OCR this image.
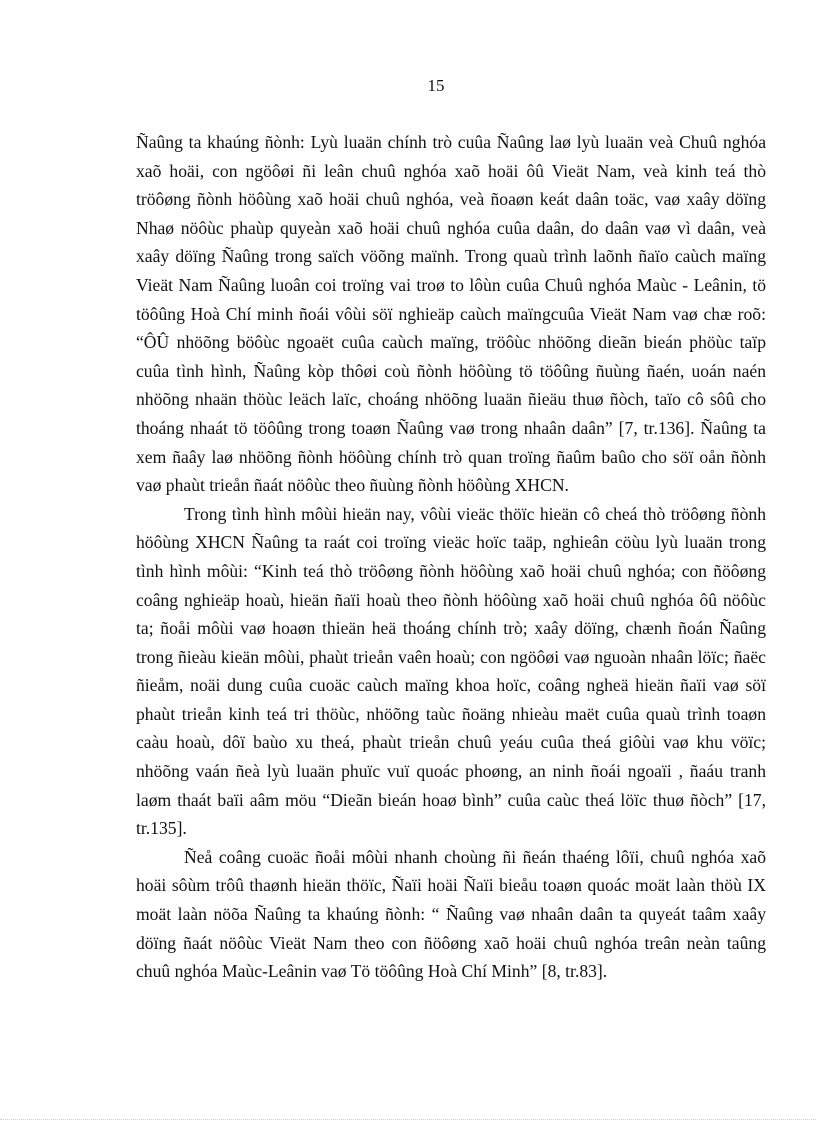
15

Ñaûng ta khaúng ñònh: Lyù luaän chính trò cuûa Ñaûng laø lyù luaän veà Chuû nghóa xaõ hoäi, con ngöôøi ñi leân chuû nghóa xaõ hoäi ôû Vieät Nam, veà kinh teá thò tröôøng ñònh höôùng xaõ hoäi chuû nghóa, veà ñoaøn keát daân toäc, vaø xaây döïng Nhaø nöôùc phaùp quyeàn xaõ hoäi chuû nghóa cuûa daân, do daân vaø vì daân, veà xaây döïng Ñaûng trong saïch vöõng maïnh. Trong quaù trình laõnh ñaïo caùch maïng Vieät Nam Ñaûng luoân coi troïng vai troø to lôùn cuûa Chuû nghóa Maùc - Leânin, tö töôûng Hoà Chí minh ñoái vôùi söï nghieäp caùch maïngcuûa Vieät Nam vaø chæ roõ: “ÔÛ nhöõng böôùc ngoaët cuûa caùch maïng, tröôùc nhöõng dieãn bieán phöùc taïp cuûa tình hình, Ñaûng kòp thôøi coù ñònh höôùng tö töôûng ñuùng ñaén, uoán naén nhöõng nhaän thöùc leäch laïc, choáng nhöõng luaän ñieäu thuø ñòch, taïo cô sôû cho thoáng nhaát tö töôûng trong toaøn Ñaûng vaø trong nhaân daân” [7, tr.136]. Ñaûng ta xem ñaây laø nhöõng ñònh höôùng chính trò quan troïng ñaûm baûo cho söï oån ñònh vaø phaùt trieån ñaát nöôùc theo ñuùng ñònh höôùng XHCN.

Trong tình hình môùi hieän nay, vôùi vieäc thöïc hieän cô cheá thò tröôøng ñònh höôùng XHCN Ñaûng ta raát coi troïng vieäc hoïc taäp, nghieân cöùu lyù luaän trong tình hình môùi: “Kinh teá thò tröôøng ñònh höôùng xaõ hoäi chuû nghóa; con ñöôøng coâng nghieäp hoaù, hieän ñaïi hoaù theo ñònh höôùng xaõ hoäi chuû nghóa ôû nöôùc ta; ñoåi môùi vaø hoaøn thieän heä thoáng chính trò; xaây döïng, chænh ñoán Ñaûng trong ñieàu kieän môùi, phaùt trieån vaên hoaù; con ngöôøi vaø nguoàn nhaân löïc; ñaëc ñieåm, noäi dung cuûa cuoäc caùch maïng khoa hoïc, coâng ngheä hieän ñaïi vaø söï phaùt trieån kinh teá tri thöùc, nhöõng taùc ñoäng nhieàu maët cuûa quaù trình toaøn caàu hoaù, dôï baùo xu theá, phaùt trieån chuû yeáu cuûa theá giôùi vaø khu vöïc; nhöõng vaán ñeà lyù luaän phuïc vuï quoác phoøng, an ninh ñoái ngoaïi , ñaáu tranh laøm thaát baïi aâm möu “Dieãn bieán hoaø bình” cuûa caùc theá löïc thuø ñòch” [17, tr.135].

Ñeå coâng cuoäc ñoåi môùi nhanh choùng ñi ñeán thaéng lôïi, chuû nghóa xaõ hoäi sôùm trôû thaønh hieän thöïc, Ñaïi hoäi Ñaïi bieåu toaøn quoác moät laàn thöù IX moät laàn nöõa Ñaûng ta khaúng ñònh: “ Ñaûng vaø nhaân daân ta quyeát taâm xaây döïng ñaát nöôùc Vieät Nam theo con ñöôøng xaõ hoäi chuû nghóa treân neàn taûng chuû nghóa Maùc-Leânin vaø Tö töôûng Hoà Chí Minh” [8, tr.83].
